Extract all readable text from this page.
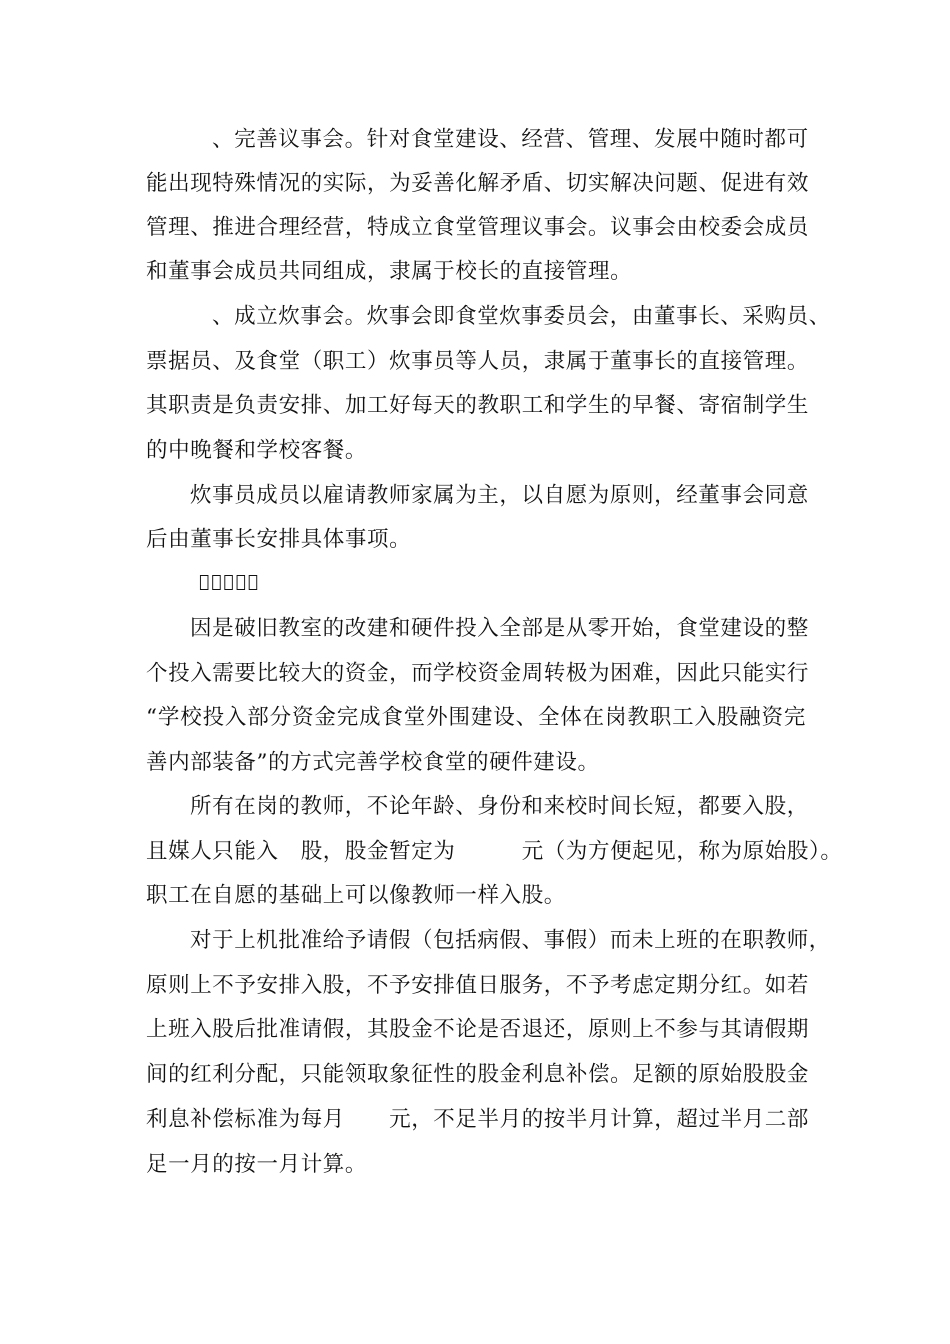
、完善议事会。针对食堂建设、经营、管理、发展中随时都可
能出现特殊情况的实际，为妥善化解矛盾、切实解决问题、促进有效
管理、推进合理经营，特成立食堂管理议事会。议事会由校委会成员
和董事会成员共同组成，隶属于校长的直接管理。
、成立炊事会。炊事会即食堂炊事委员会，由董事长、采购员、
票据员、及食堂（职工）炊事员等人员，隶属于董事长的直接管理。
其职责是负责安排、加工好每天的教职工和学生的早餐、寄宿制学生
的中晚餐和学校客餐。
炊事员成员以雇请教师家属为主，以自愿为原则，经董事会同意
后由董事长安排具体事项。
￿￿￿￿￿
因是破旧教室的改建和硬件投入全部是从零开始，食堂建设的整
个投入需要比较大的资金，而学校资金周转极为困难，因此只能实行
“学校投入部分资金完成食堂外围建设、全体在岗教职工入股融资完
善内部装备”的方式完善学校食堂的硬件建设。
所有在岗的教师，不论年龄、身份和来校时间长短，都要入股，
且媒人只能入　股，股金暂定为　　　元（为方便起见，称为原始股）。
职工在自愿的基础上可以像教师一样入股。
对于上机批准给予请假（包括病假、事假）而未上班的在职教师，
原则上不予安排入股，不予安排值日服务，不予考虑定期分红。如若
上班入股后批准请假，其股金不论是否退还，原则上不参与其请假期
间的红利分配，只能领取象征性的股金利息补偿。足额的原始股股金
利息补偿标准为每月　　元，不足半月的按半月计算，超过半月二部
足一月的按一月计算。
